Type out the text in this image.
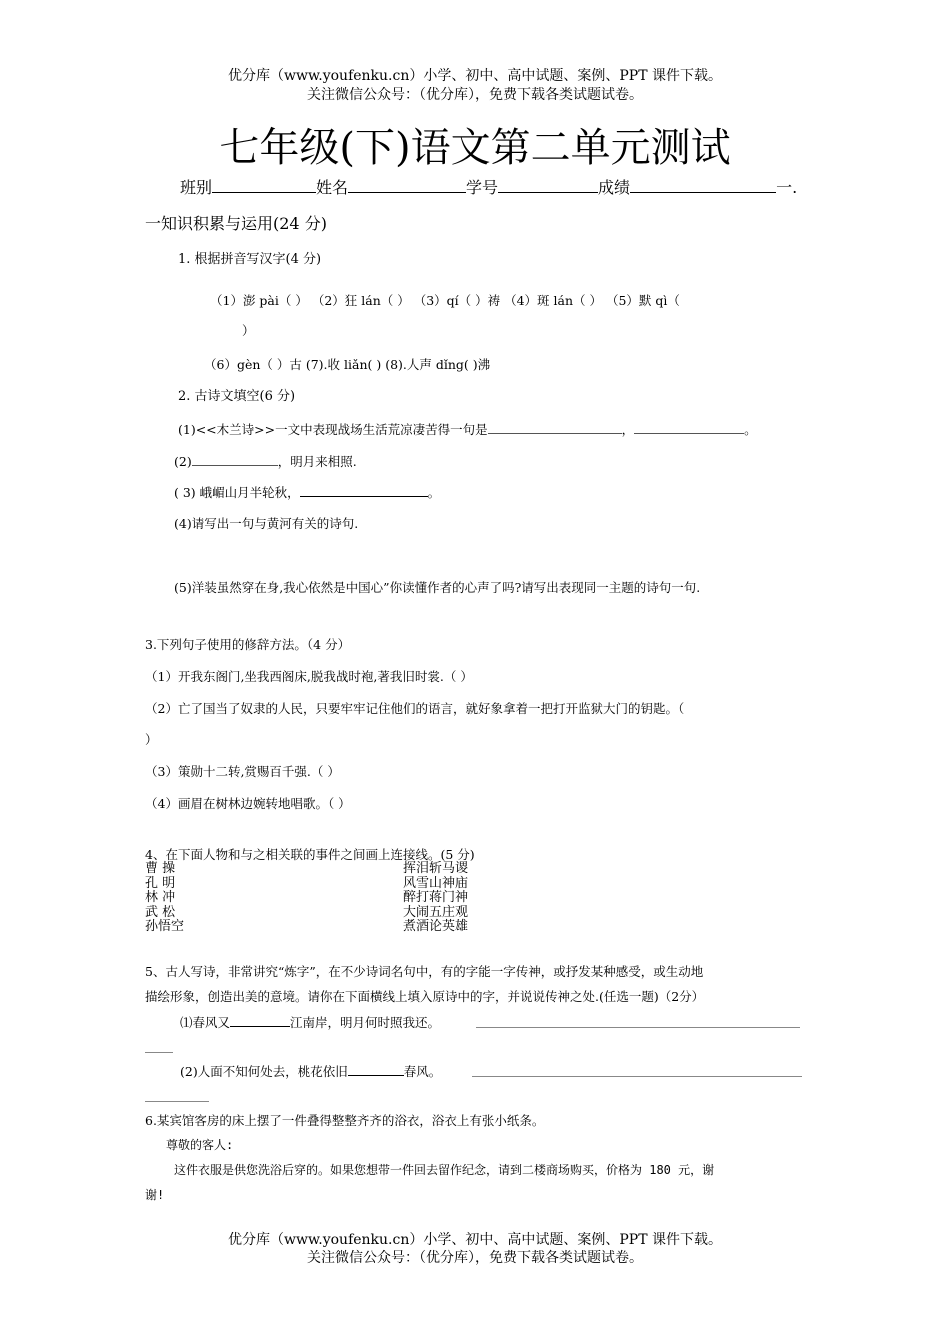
优分库（www.youfenku.cn）小学、初中、高中试题、案例、PPT 课件下载。
关注微信公众号：（优分库），免费下载各类试题试卷。
七年级(下)语文第二单元测试
班别	姓名	学号	成绩	一.
一知识积累与运用(24 分)
1. 根据拼音写汉字(4 分)
（1）澎 pài（ ） （2）狂 lán（ ） （3）qí（ ）祷 （4）斑 lán（ ） （5）默 qì（
）
（6）gèn（ ）古 (7).收 liǎn( ) (8).人声 dǐng( )沸
2. 古诗文填空(6 分)
(1)<<木兰诗>>一文中表现战场生活荒凉凄苦得一句是	，	。
(2)	，明月来相照.
( 3) 峨嵋山月半轮秋，	。
(4)请写出一句与黄河有关的诗句.
(5)洋装虽然穿在身,我心依然是中国心”你读懂作者的心声了吗?请写出表现同一主题的诗句一句.
3.下列句子使用的修辞方法。（4 分）
（1）开我东阁门,坐我西阁床,脱我战时袍,著我旧时裳.（ ）
（2）亡了国当了奴隶的人民，只要牢牢记住他们的语言，就好象拿着一把打开监狱大门的钥匙。（
）
（3）策勋十二转,赏赐百千强.（ ）
（4）画眉在树林边婉转地唱歌。（ ）
4、在下面人物和与之相关联的事件之间画上连接线。(5 分)
曹 操	挥泪斩马谡
孔 明	风雪山神庙
林 冲	醉打蒋门神
武 松	大闹五庄观
孙悟空	煮酒论英雄
5、古人写诗，非常讲究“炼字”，在不少诗词名句中，有的字能一字传神，或抒发某种感受，或生动地
描绘形象，创造出美的意境。请你在下面横线上填入原诗中的字，并说说传神之处.(任选一题)（2分）
⑴春风又	江南岸，明月何时照我还。
(2)人面不知何处去，桃花依旧	春风。
6.某宾馆客房的床上摆了一件叠得整整齐齐的浴衣，浴衣上有张小纸条。
尊敬的客人:
这件衣服是供您洗浴后穿的。如果您想带一件回去留作纪念，请到二楼商场购买，价格为 180 元，谢
谢!
优分库（www.youfenku.cn）小学、初中、高中试题、案例、PPT 课件下载。
关注微信公众号：（优分库），免费下载各类试题试卷。
